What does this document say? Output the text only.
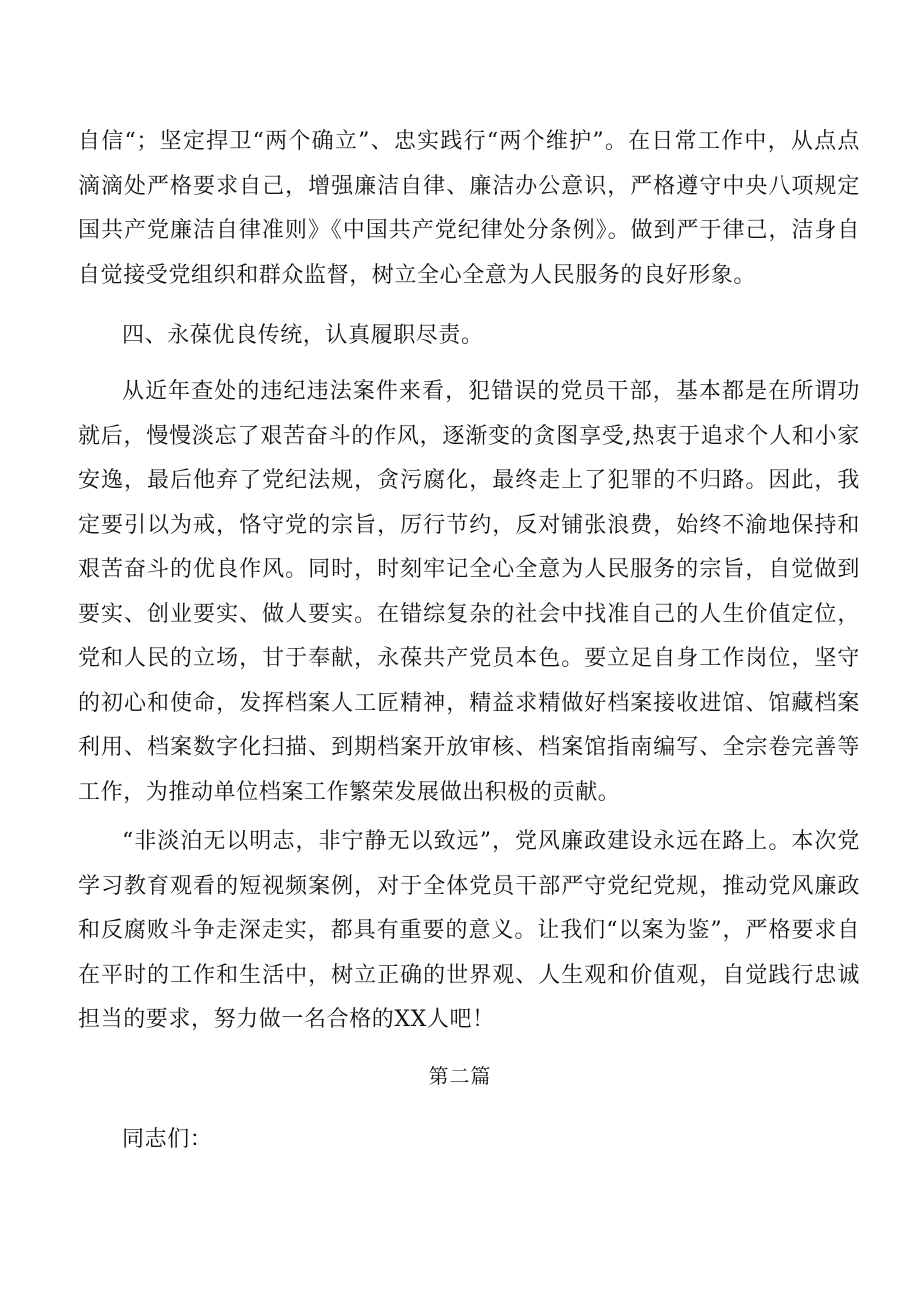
自信“；坚定捍卫“两个确立”、忠实践行“两个维护”。在日常工作中，从点点
滴滴处严格要求自己，增强廉洁自律、廉洁办公意识，严格遵守中央八项规定
国共产党廉洁自律准则》《中国共产党纪律处分条例》。做到严于律己，洁身自
自觉接受党组织和群众监督，树立全心全意为人民服务的良好形象。
四、永葆优良传统，认真履职尽责。
从近年查处的违纪违法案件来看，犯错误的党员干部，基本都是在所谓功
就后，慢慢淡忘了艰苦奋斗的作风，逐渐变的贪图享受,热衷于追求个人和小家
安逸，最后他弃了党纪法规，贪污腐化，最终走上了犯罪的不归路。因此，我
定要引以为戒，恪守党的宗旨，厉行节约，反对铺张浪费，始终不渝地保持和
艰苦奋斗的优良作风。同时，时刻牢记全心全意为人民服务的宗旨，自觉做到
要实、创业要实、做人要实。在错综复杂的社会中找准自己的人生价值定位，
党和人民的立场，甘于奉献，永葆共产党员本色。要立足自身工作岗位，坚守
的初心和使命，发挥档案人工匠精神，精益求精做好档案接收进馆、馆藏档案
利用、档案数字化扫描、到期档案开放审核、档案馆指南编写、全宗卷完善等
工作，为推动单位档案工作繁荣发展做出积极的贡献。
“非淡泊无以明志，非宁静无以致远”，党风廉政建设永远在路上。本次党
学习教育观看的短视频案例，对于全体党员干部严守党纪党规，推动党风廉政
和反腐败斗争走深走实，都具有重要的意义。让我们“以案为鉴”，严格要求自
在平时的工作和生活中，树立正确的世界观、人生观和价值观，自觉践行忠诚
担当的要求，努力做一名合格的XX人吧！
第二篇
同志们：
